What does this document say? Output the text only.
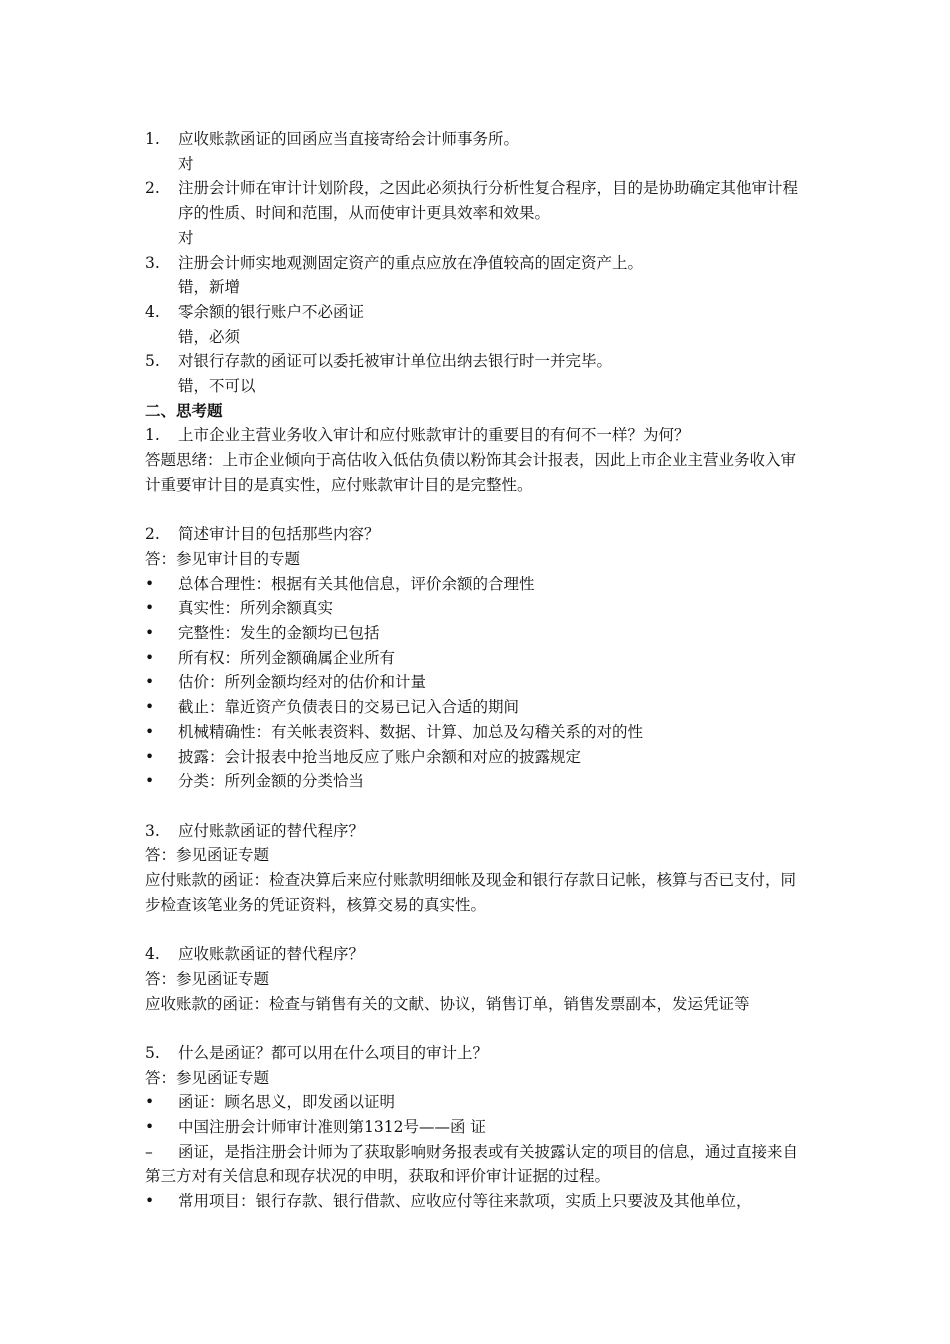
1.	应收账款函证的回函应当直接寄给会计师事务所。
对
2.	注册会计师在审计计划阶段，之因此必须执行分析性复合程序，目的是协助确定其他审计程序的性质、时间和范围，从而使审计更具效率和效果。
对
3.	注册会计师实地观测固定资产的重点应放在净值较高的固定资产上。
错，新增
4.	零余额的银行账户不必函证
错，必须
5.	对银行存款的函证可以委托被审计单位出纳去银行时一并完毕。
错，不可以
二、思考题
1.	上市企业主营业务收入审计和应付账款审计的重要目的有何不一样？为何？
答题思绪：上市企业倾向于高估收入低估负债以粉饰其会计报表，因此上市企业主营业务收入审计重要审计目的是真实性，应付账款审计目的是完整性。
2.	简述审计目的包括那些内容？
答：参见审计目的专题
•	总体合理性：根据有关其他信息，评价余额的合理性
•	真实性：所列余额真实
•	完整性：发生的金额均已包括
•	所有权：所列金额确属企业所有
•	估价：所列金额均经对的估价和计量
•	截止：靠近资产负债表日的交易已记入合适的期间
•	机械精确性：有关帐表资料、数据、计算、加总及勾稽关系的对的性
•	披露：会计报表中抢当地反应了账户余额和对应的披露规定
•	分类：所列金额的分类恰当
3.	应付账款函证的替代程序？
答：参见函证专题
应付账款的函证：检查决算后来应付账款明细帐及现金和银行存款日记帐，核算与否已支付，同步检查该笔业务的凭证资料，核算交易的真实性。
4.	应收账款函证的替代程序？
答：参见函证专题
应收账款的函证：检查与销售有关的文献、协议，销售订单，销售发票副本，发运凭证等
5.	什么是函证？都可以用在什么项目的审计上？
答：参见函证专题
•	函证：顾名思义，即发函以证明
•	中国注册会计师审计准则第1312号——函 证
– 函证，是指注册会计师为了获取影响财务报表或有关披露认定的项目的信息，通过直接来自第三方对有关信息和现存状况的申明，获取和评价审计证据的过程。
•	常用项目：银行存款、银行借款、应收应付等往来款项，实质上只要波及其他单位，
